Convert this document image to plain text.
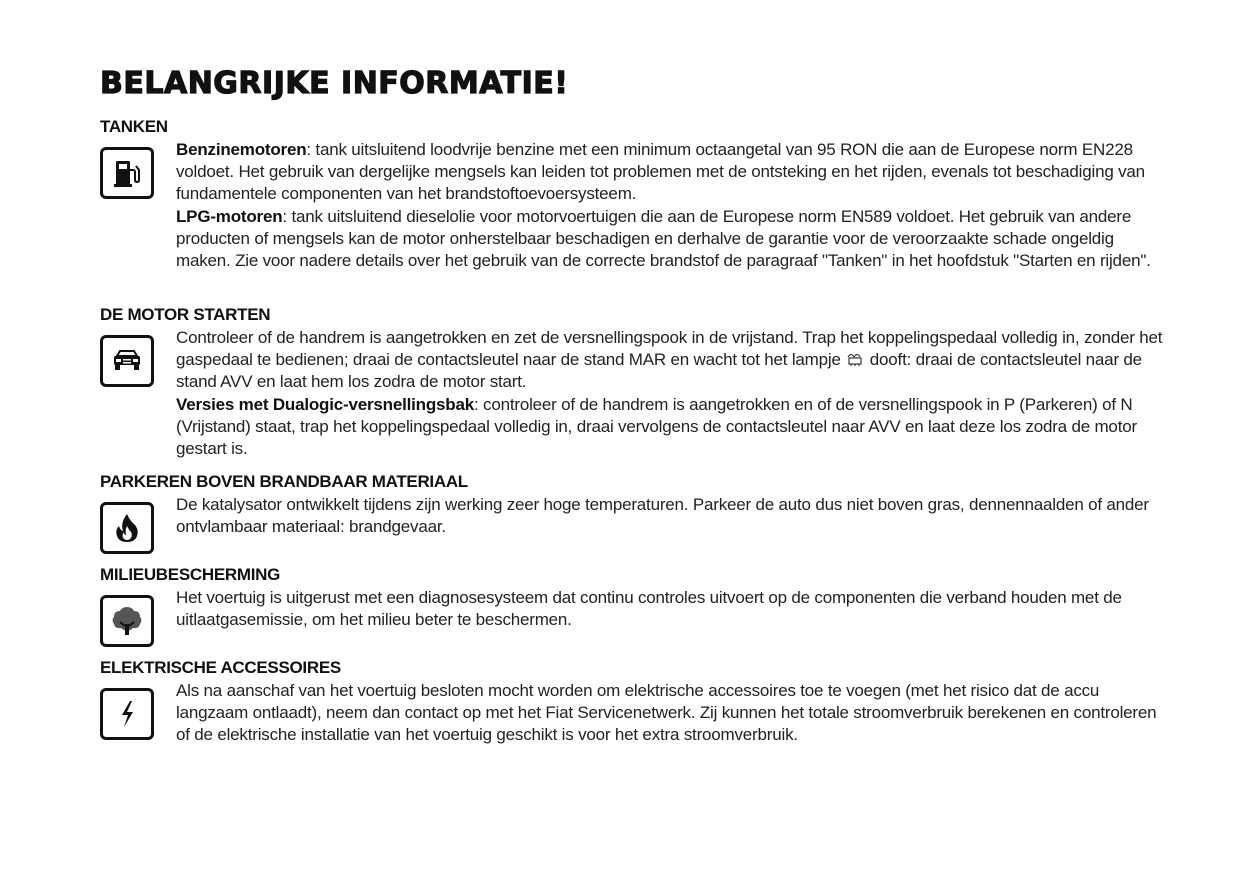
BELANGRIJKE INFORMATIE!
TANKEN

Benzinemotoren: tank uitsluitend loodvrije benzine met een minimum octaangetal van 95 RON die aan de Europese norm EN228 voldoet. Het gebruik van dergelijke mengsels kan leiden tot problemen met de ontsteking en het rijden, evenals tot beschadiging van fundamentele componenten van het brandstoftoevoersysteem.

LPG-motoren: tank uitsluitend dieselolie voor motorvoertuigen die aan de Europese norm EN589 voldoet. Het gebruik van andere producten of mengsels kan de motor onherstelbaar beschadigen en derhalve de garantie voor de veroorzaakte schade ongeldig maken. Zie voor nadere details over het gebruik van de correcte brandstof de paragraaf "Tanken" in het hoofdstuk "Starten en rijden".

DE MOTOR STARTEN

Controleer of de handrem is aangetrokken en zet de versnellingspook in de vrijstand. Trap het koppelingspedaal volledig in, zonder het gaspedaal te bedienen; draai de contactsleutel naar de stand MAR en wacht tot het lampje  dooft: draai de contactsleutel naar de stand AVV en laat hem los zodra de motor start.

Versies met Dualogic-versnellingsbak: controleer of de handrem is aangetrokken en of de versnellingspook in P (Parkeren) of N (Vrijstand) staat, trap het koppelingspedaal volledig in, draai vervolgens de contactsleutel naar AVV en laat deze los zodra de motor gestart is.

PARKEREN BOVEN BRANDBAAR MATERIAAL

De katalysator ontwikkelt tijdens zijn werking zeer hoge temperaturen. Parkeer de auto dus niet boven gras, dennennaalden of ander ontvlambaar materiaal: brandgevaar.

MILIEUBESCHERMING

Het voertuig is uitgerust met een diagnosesysteem dat continu controles uitvoert op de componenten die verband houden met de uitlaatgasemissie, om het milieu beter te beschermen.

ELEKTRISCHE ACCESSOIRES

Als na aanschaf van het voertuig besloten mocht worden om elektrische accessoires toe te voegen (met het risico dat de accu langzaam ontlaadt), neem dan contact op met het Fiat Servicenetwerk. Zij kunnen het totale stroomverbruik berekenen en controleren of de elektrische installatie van het voertuig geschikt is voor het extra stroomverbruik.
